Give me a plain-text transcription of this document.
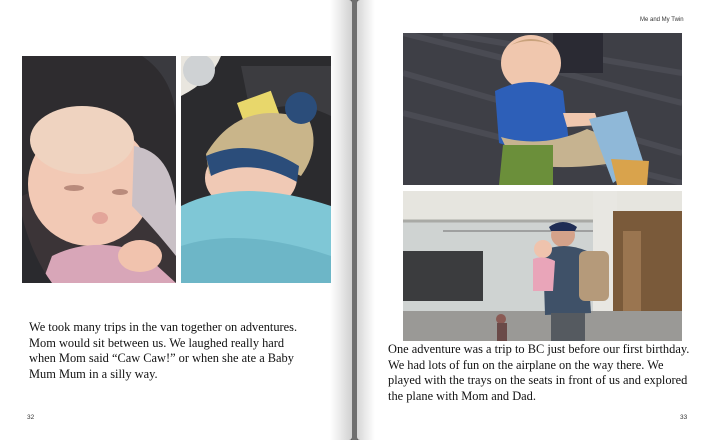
We took many trips in the van together on adventures.
Mom would sit between us. We laughed really hard
when Mom said “Caw Caw!” or when she ate a Baby
Mum Mum in a silly way.

32
Me and My Twin

One adventure was a trip to BC just before our first birthday.
We had lots of fun on the airplane on the way there. We
played with the trays on the seats in front of us and explored
the plane with Mom and Dad.

33
